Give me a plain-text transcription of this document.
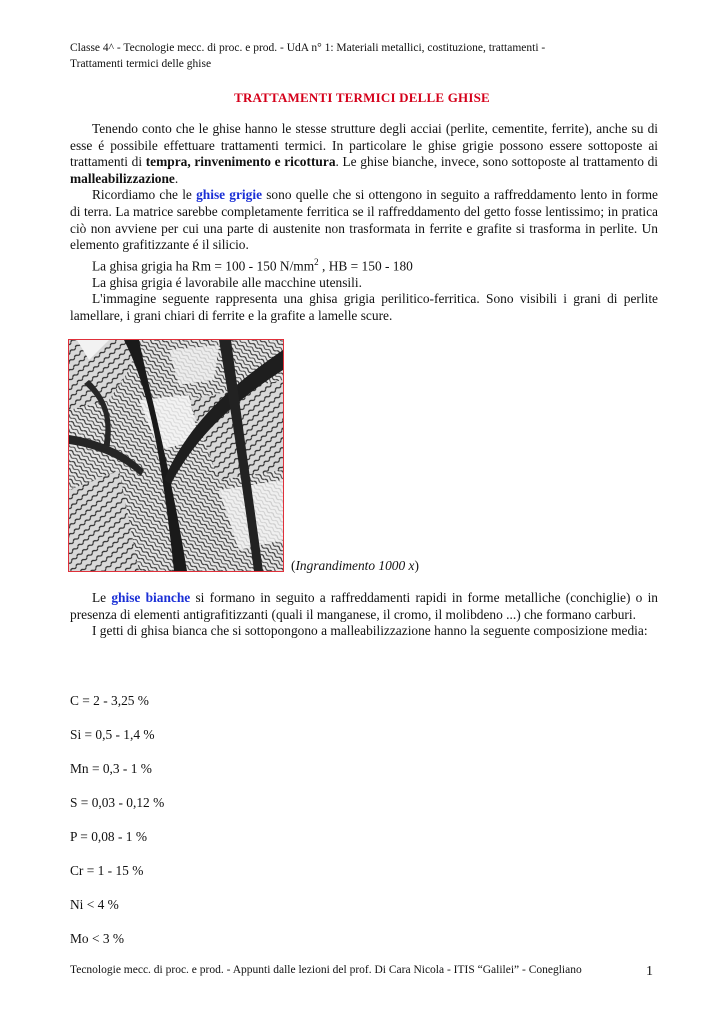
Classe 4^ - Tecnologie mecc. di proc. e prod. - UdA n° 1: Materiali metallici, costituzione, trattamenti -
Trattamenti termici delle ghise
TRATTAMENTI TERMICI DELLE GHISE

Tenendo conto che le ghise hanno le stesse strutture degli acciai (perlite, cementite, ferrite), anche su di esse é possibile effettuare trattamenti termici. In particolare le ghise grigie possono essere sottoposte ai trattamenti di tempra, rinvenimento e ricottura. Le ghise bianche, invece, sono sottoposte al trattamento di malleabilizzazione.

Ricordiamo che le ghise grigie sono quelle che si ottengono in seguito a raffreddamento lento in forme di terra. La matrice sarebbe completamente ferritica se il raffreddamento del getto fosse lentissimo; in pratica ciò non avviene per cui una parte di austenite non trasformata in ferrite e grafite si trasforma in perlite. Un elemento grafitizzante é il silicio.

La ghisa grigia ha Rm = 100 - 150 $N/mm^2$ , HB = 150 - 180

La ghisa grigia é lavorabile alle macchine utensili.

L'immagine seguente rappresenta una ghisa grigia perilitico-ferritica. Sono visibili i grani di perlite lamellare, i grani chiari di ferrite e la grafite a lamelle scure.

(Ingrandimento 1000 x)

Le ghise bianche si formano in seguito a raffreddamenti rapidi in forme metalliche (conchiglie) o in presenza di elementi antigrafitizzanti (quali il manganese, il cromo, il molibdeno ...) che formano carburi.

I getti di ghisa bianca che si sottopongono a malleabilizzazione hanno la seguente composizione media:

C = 2 - 3,25 %
Si = 0,5 - 1,4 %
Mn = 0,3 - 1 %
S = 0,03 - 0,12 %
P = 0,08 - 1 %
Cr = 1 - 15 %
Ni < 4 %
Mo < 3 %
Tecnologie mecc. di proc. e prod. - Appunti dalle lezioni del prof. Di Cara Nicola - ITIS “Galilei” - Conegliano	1
